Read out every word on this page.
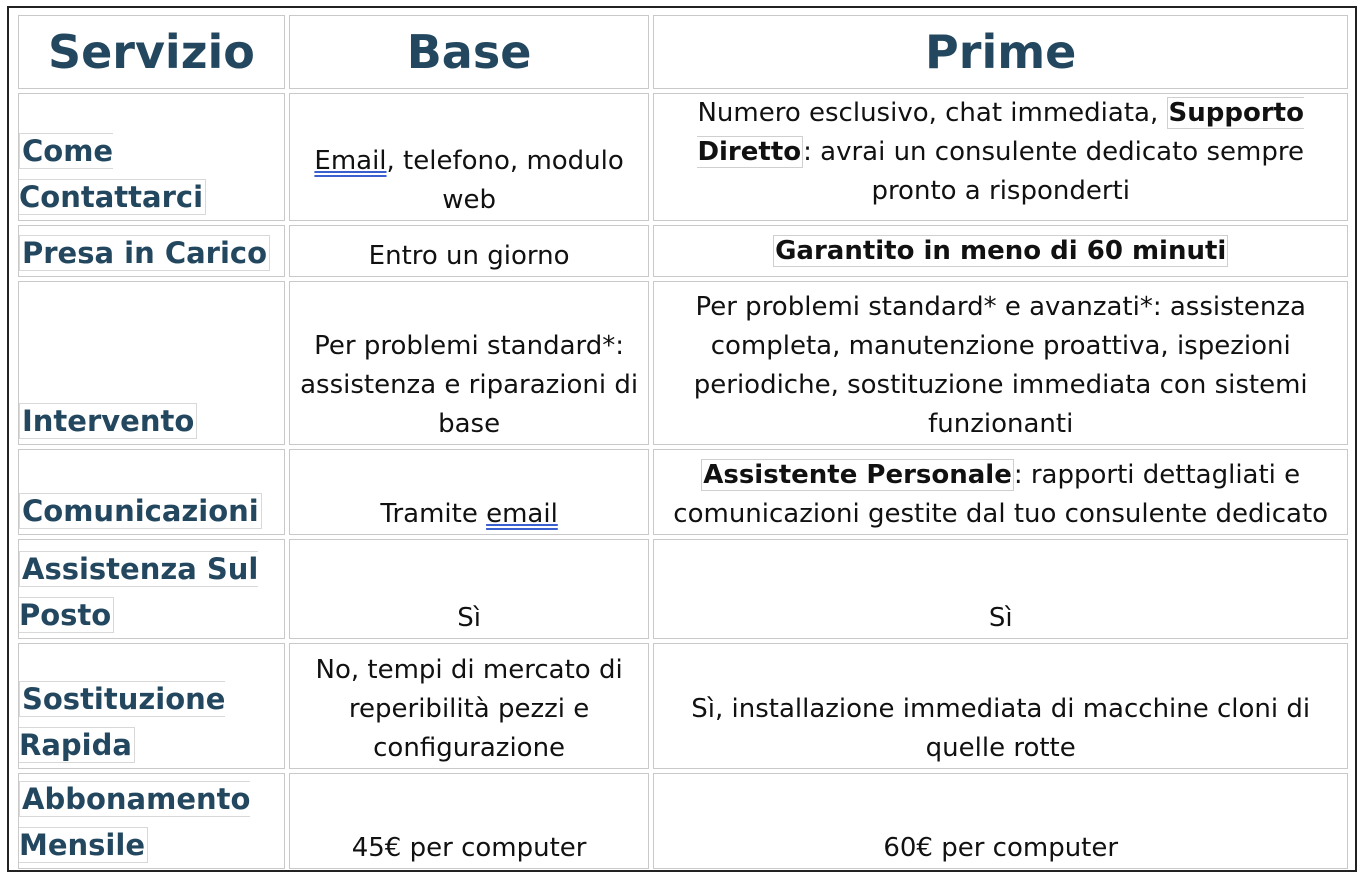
Servizio	Base	Prime
Come Contattarci	Email, telefono, modulo web	Numero esclusivo, chat immediata, Supporto Diretto: avrai un consulente dedicato sempre pronto a risponderti
Presa in Carico	Entro un giorno	Garantito in meno di 60 minuti
Intervento	Per problemi standard*: assistenza e riparazioni di base	Per problemi standard* e avanzati*: assistenza completa, manutenzione proattiva, ispezioni periodiche, sostituzione immediata con sistemi funzionanti
Comunicazioni	Tramite email	Assistente Personale: rapporti dettagliati e comunicazioni gestite dal tuo consulente dedicato
Assistenza Sul Posto	Sì	Sì
Sostituzione Rapida	No, tempi di mercato di reperibilità pezzi e configurazione	Sì, installazione immediata di macchine cloni di quelle rotte
Abbonamento Mensile	45€ per computer	60€ per computer
